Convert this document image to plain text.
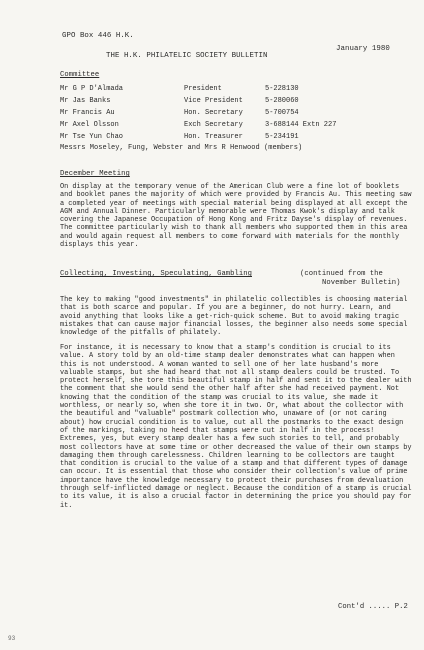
GPO Box 446 H.K.
THE H.K. PHILATELIC SOCIETY BULLETIN
January 1980
Committee
Mr G P D'Almada	President	5-228130
Mr Jas Banks	Vice President	5-280060
Mr Francis Au	Hon. Secretary	5-700754
Mr Axel Olsson	Exch Secretary	3-688144 Extn 227
Mr Tse Yun Chao	Hon. Treasurer	5-234191
Messrs Moseley, Fung, Webster and Mrs R Henwood (members)
December Meeting
On display at the temporary venue of the American Club were a fine lot of booklets and booklet panes the majority of which were provided by Francis Au. This meeting saw a completed year of meetings with special material being displayed at all except the AGM and Annual Dinner. Particularly memorable were Thomas Kwok's display and talk covering the Japanese Occupation of Hong Kong and Fritz Dayse's display of revenues. The committee particularly wish to thank all members who supported them in this area and would again request all members to come forward with materials for the monthly displays this year.
Collecting, Investing, Speculating, Gambling	(continued from the
November Bulletin)
The key to making "good investments" in philatelic collectibles is choosing material that is both scarce and popular. If you are a beginner, do not hurry. Learn, and avoid anything that looks like a get-rich-quick scheme. But to avoid making tragic mistakes that can cause major financial losses, the beginner also needs some special knowledge of the pitfalls of philately.
For instance, it is necessary to know that a stamp's condition is crucial to its value. A story told by an old-time stamp dealer demonstrates what can happen when this is not understood. A woman wanted to sell one of her late husband's more valuable stamps, but she had heard that not all stamp dealers could be trusted. To protect herself, she tore this beautiful stamp in half and sent it to the dealer with the comment that she would send the other half after she had received payment. Not knowing that the condition of the stamp was crucial to its value, she made it worthless, or nearly so, when she tore it in two. Or, what about the collector with the beautiful and "valuable" postmark collection who, unaware of (or not caring about) how crucial condition is to value, cut all the postmarks to the exact design of the markings, taking no heed that stamps were cut in half in the process! Extremes, yes, but every stamp dealer has a few such stories to tell, and probably most collectors have at some time or other decreased the value of their own stamps by damaging them through carelessness. Children learning to be collectors are taught that condition is crucial to the value of a stamp and that different types of damage can occur. It is essential that those who consider their collection's value of prime importance have the knowledge necessary to protect their purchases from devaluation through self-inflicted damage or neglect. Because the condition of a stamp is crucial to its value, it is also a crucial factor in determining the price you should pay for it.
Cont'd ..... P.2
93
